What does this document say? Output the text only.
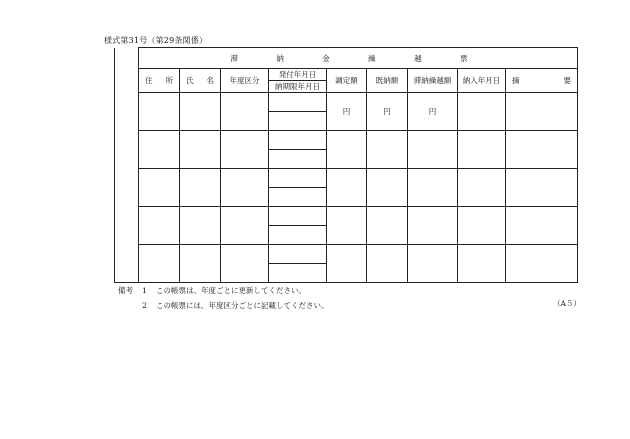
様式第31号（第29条関係）
	滞 納 金 繰 越 票								

	住 所	氏 名	年度区分	発付年月日	調定額	既納額	滞納繰越額	納入年月日	摘 要

				納期限年月日					
					円	円	円		

備考	1	この帳票は、年度ごとに更新してください。
2	この帳票には、年度区分ごとに記載してください。	（A５）
